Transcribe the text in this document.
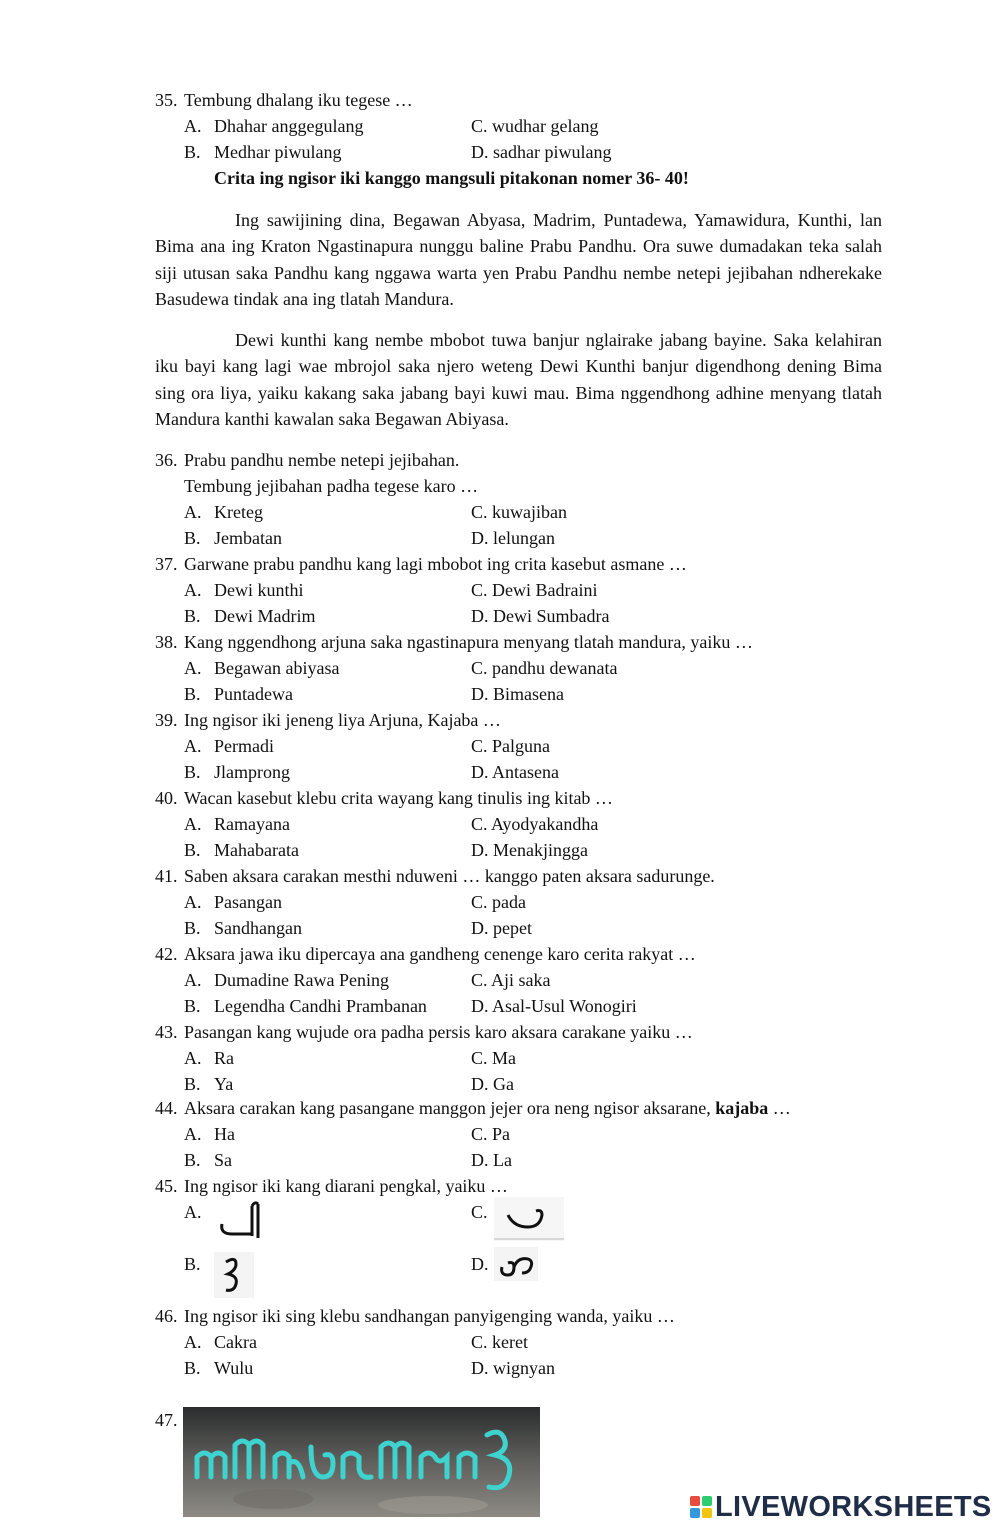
35. Tembung dhalang iku tegese …
A. Dhahar anggegulang	C. wudhar gelang
B. Medhar piwulang	D. sadhar piwulang
Crita ing ngisor iki kanggo mangsuli pitakonan nomer 36- 40!
Ing sawijining dina, Begawan Abyasa, Madrim, Puntadewa, Yamawidura, Kunthi, lan Bima ana ing Kraton Ngastinapura nunggu baline Prabu Pandhu. Ora suwe dumadakan teka salah siji utusan saka Pandhu kang nggawa warta yen Prabu Pandhu nembe netepi jejibahan ndherekake Basudewa tindak ana ing tlatah Mandura.
Dewi kunthi kang nembe mbobot tuwa banjur nglairake jabang bayine. Saka kelahiran iku bayi kang lagi wae mbrojol saka njero weteng Dewi Kunthi banjur digendhong dening Bima sing ora liya, yaiku kakang saka jabang bayi kuwi mau. Bima nggendhong adhine menyang tlatah Mandura kanthi kawalan saka Begawan Abiyasa.
36. Prabu pandhu nembe netepi jejibahan.
Tembung jejibahan padha tegese karo …
A. Kreteg	C. kuwajiban
B. Jembatan	D. lelungan
37. Garwane prabu pandhu kang lagi mbobot ing crita kasebut asmane …
A. Dewi kunthi	C. Dewi Badraini
B. Dewi Madrim	D. Dewi Sumbadra
38. Kang nggendhong arjuna saka ngastinapura menyang tlatah mandura, yaiku …
A. Begawan abiyasa	C. pandhu dewanata
B. Puntadewa	D. Bimasena
39. Ing ngisor iki jeneng liya Arjuna, Kajaba …
A. Permadi	C. Palguna
B. Jlamprong	D. Antasena
40. Wacan kasebut klebu crita wayang kang tinulis ing kitab …
A. Ramayana	C. Ayodyakandha
B. Mahabarata	D. Menakjingga
41. Saben aksara carakan mesthi nduweni … kanggo paten aksara sadurunge.
A. Pasangan	C. pada
B. Sandhangan	D. pepet
42. Aksara jawa iku dipercaya ana gandheng cenenge karo cerita rakyat …
A. Dumadine Rawa Pening	C. Aji saka
B. Legendha Candhi Prambanan D. Asal-Usul Wonogiri
43. Pasangan kang wujude ora padha persis karo aksara carakane yaiku …
A. Ra	C. Ma
B. Ya	D. Ga
44. Aksara carakan kang pasangane manggon jejer ora neng ngisor aksarane, kajaba …
A. Ha	C. Pa
B. Sa	D. La
45. Ing ngisor iki kang diarani pengkal, yaiku …
A.	C.
B.	D.
46. Ing ngisor iki sing klebu sandhangan panyigenging wanda, yaiku …
A. Cakra	C. keret
B. Wulu	D. wignyan
47.
LIVEWORKSHEETS
